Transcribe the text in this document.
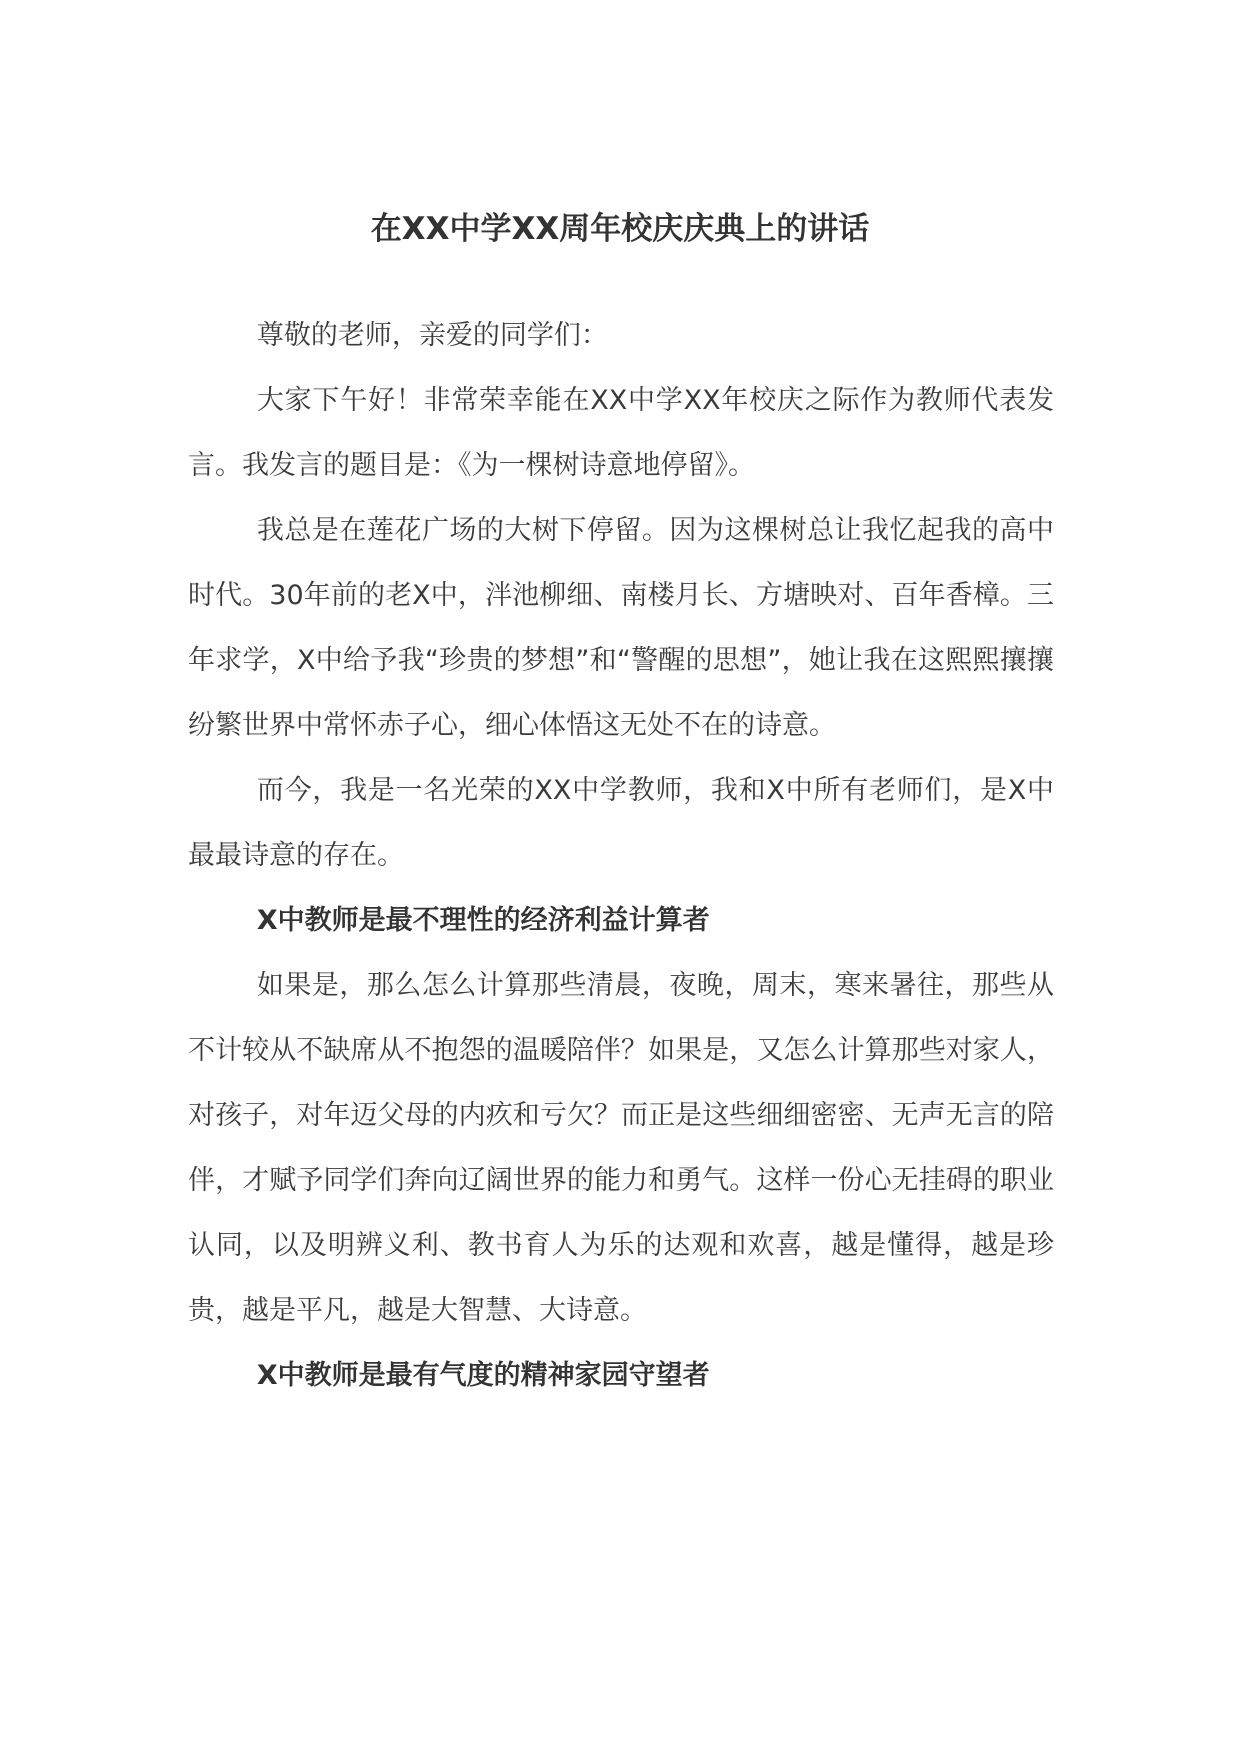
在XX中学XX周年校庆庆典上的讲话

尊敬的老师，亲爱的同学们：

大家下午好！非常荣幸能在XX中学XX年校庆之际作为教师代表发言。我发言的题目是：《为一棵树诗意地停留》。

我总是在莲花广场的大树下停留。因为这棵树总让我忆起我的高中时代。30年前的老X中，泮池柳细、南楼月长、方塘映对、百年香樟。三年求学，X中给予我“珍贵的梦想”和“警醒的思想”，她让我在这熙熙攘攘纷繁世界中常怀赤子心，细心体悟这无处不在的诗意。

而今，我是一名光荣的XX中学教师，我和X中所有老师们，是X中最最诗意的存在。

X中教师是最不理性的经济利益计算者

如果是，那么怎么计算那些清晨，夜晚，周末，寒来暑往，那些从不计较从不缺席从不抱怨的温暖陪伴？如果是，又怎么计算那些对家人，对孩子，对年迈父母的内疚和亏欠？而正是这些细细密密、无声无言的陪伴，才赋予同学们奔向辽阔世界的能力和勇气。这样一份心无挂碍的职业认同，以及明辨义利、教书育人为乐的达观和欢喜，越是懂得，越是珍贵，越是平凡，越是大智慧、大诗意。

X中教师是最有气度的精神家园守望者
